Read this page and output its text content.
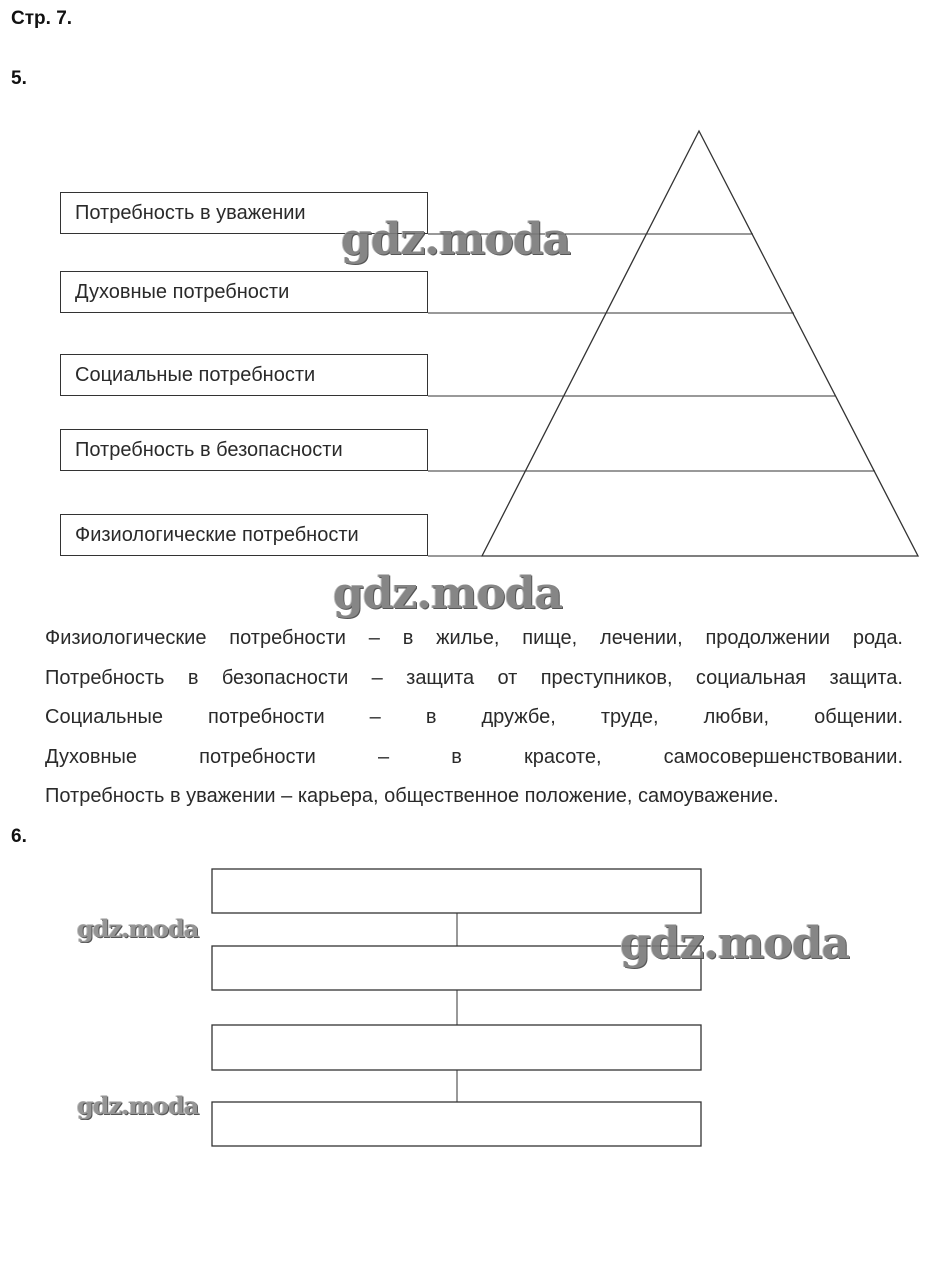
Стр. 7.
5.
Потребность в уважении
Духовные потребности
Социальные потребности
Потребность в безопасности
Физиологические потребности
gdz.moda
gdz.moda
Физиологические потребности – в жилье, пище, лечении, продолжении рода.
Потребность в безопасности – защита от преступников, социальная защита.
Социальные потребности – в дружбе, труде, любви, общении.
Духовные потребности – в красоте, самосовершенствовании.
Потребность в уважении – карьера, общественное положение, самоуважение.
6.
gdz.moda	gdz.moda
gdz.moda
